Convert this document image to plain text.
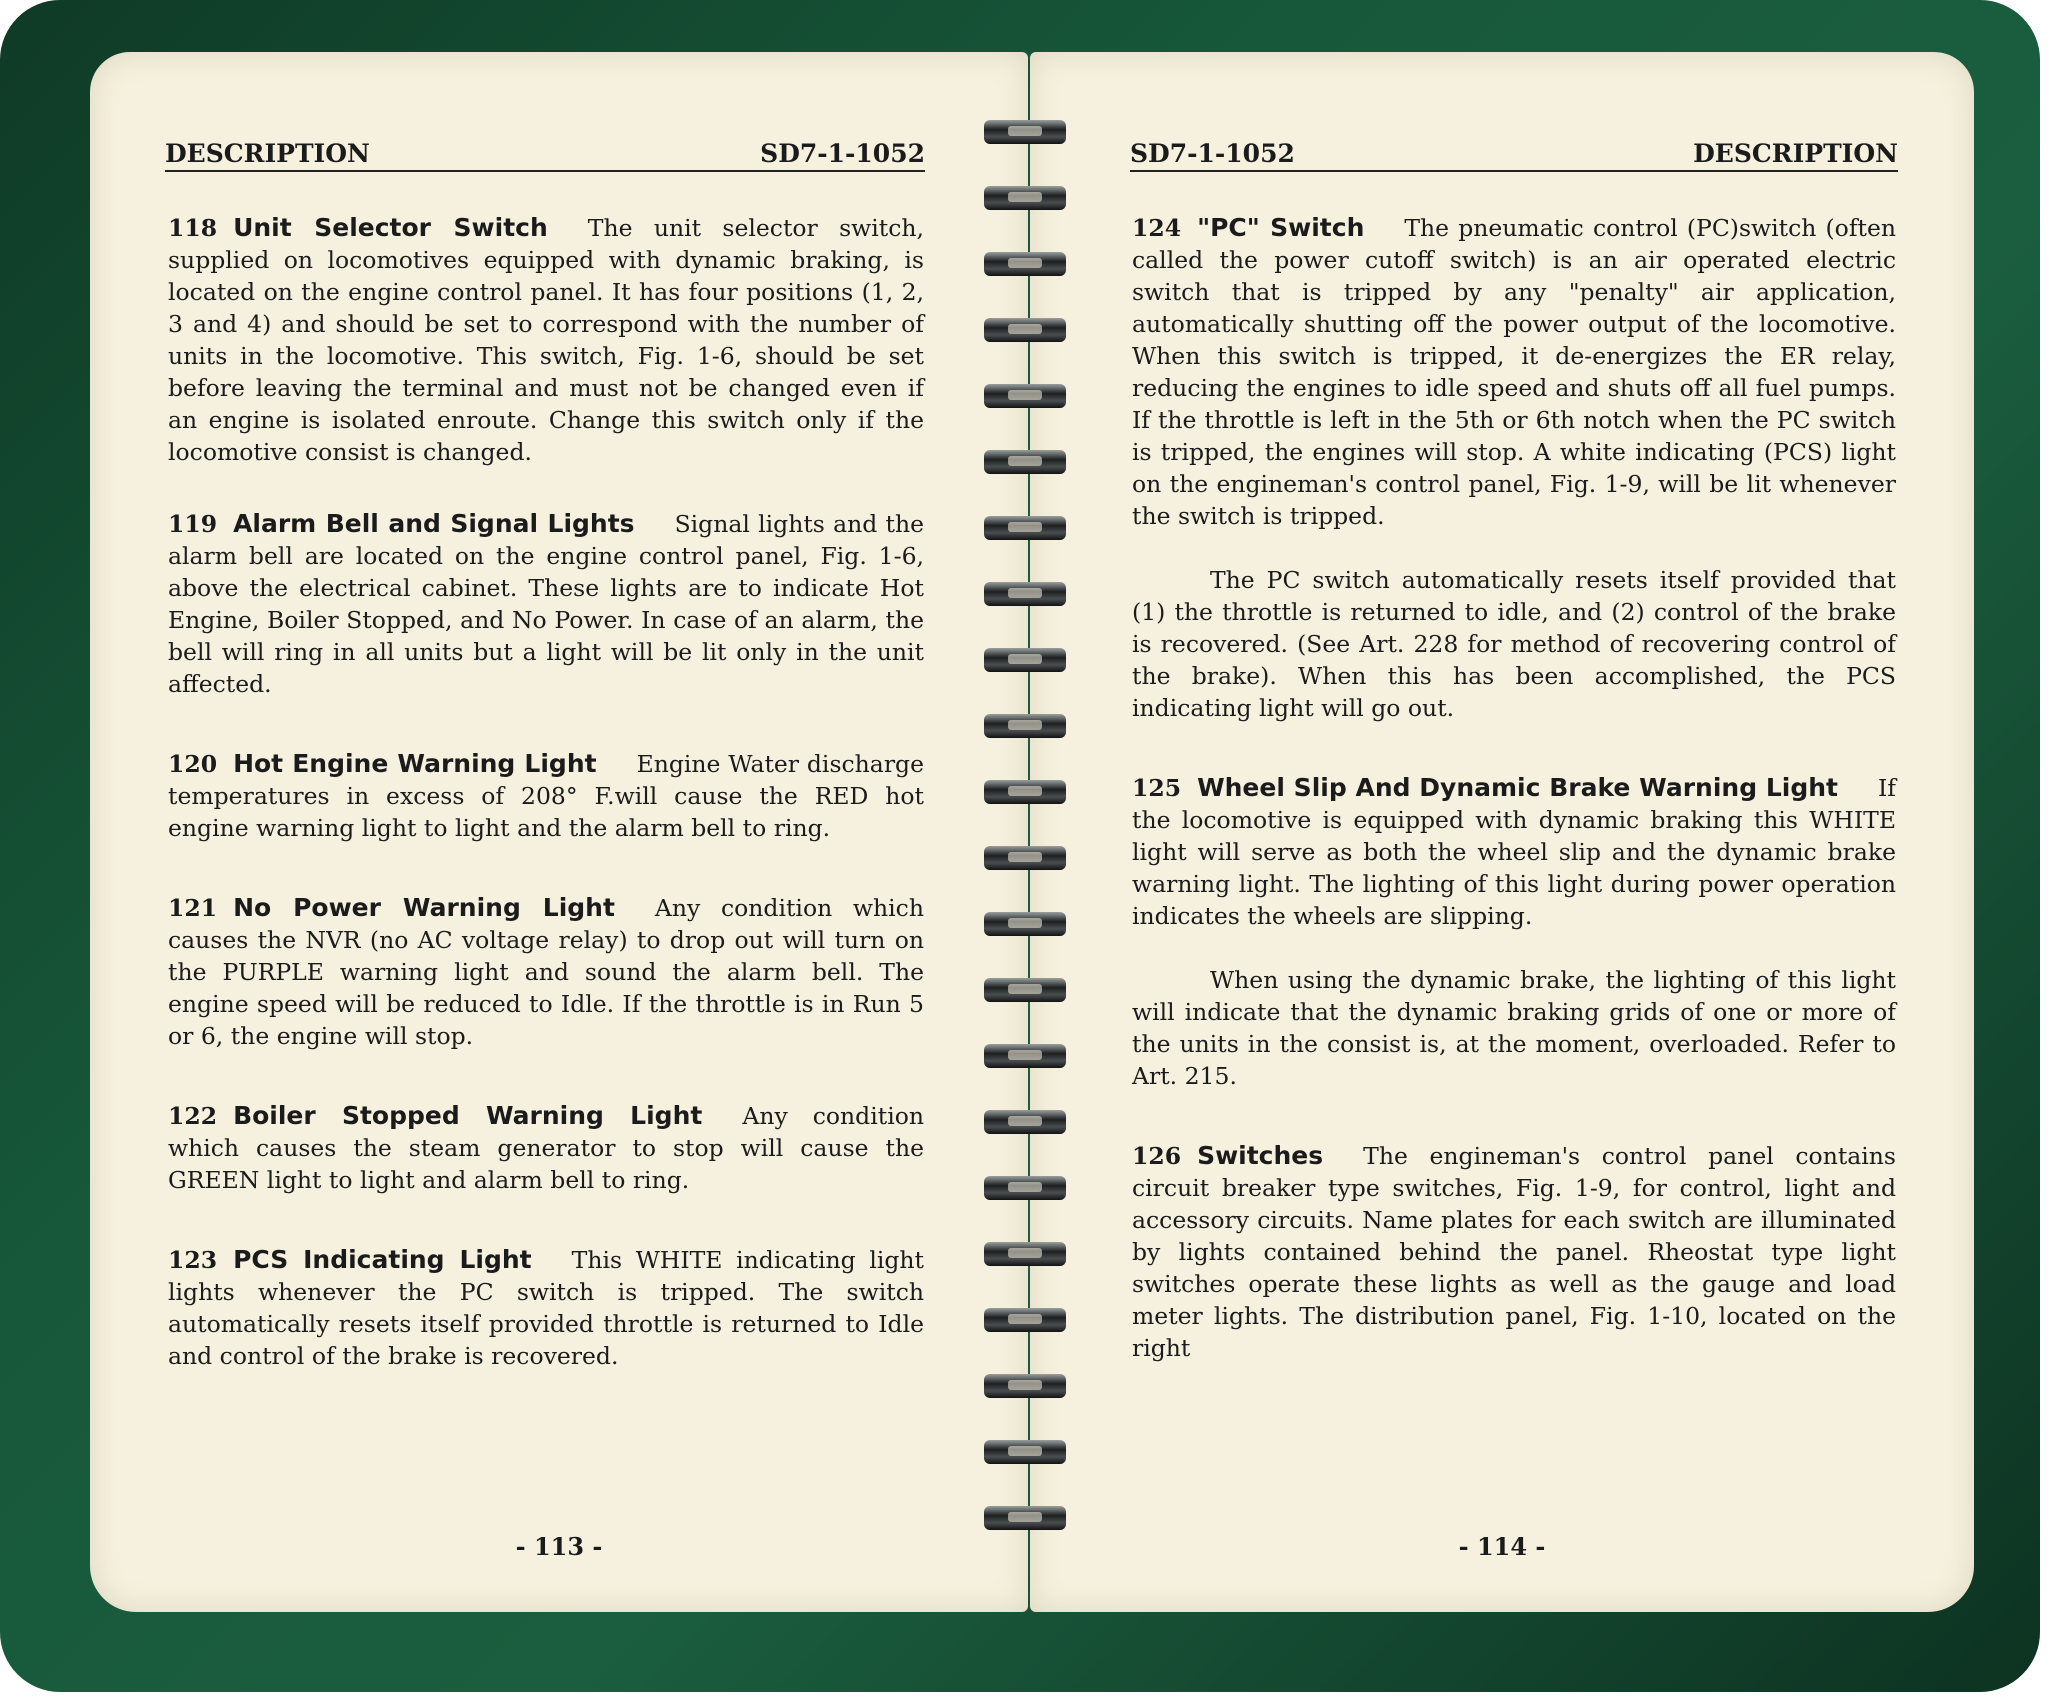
DESCRIPTION	SD7-1-1052

118 Unit Selector Switch The unit selector switch, supplied on locomotives equipped with dynamic braking, is located on the engine control panel. It has four positions (1, 2, 3 and 4) and should be set to correspond with the number of units in the locomotive. This switch, Fig. 1-6, should be set before leaving the terminal and must not be changed even if an engine is isolated enroute. Change this switch only if the locomotive consist is changed.

119 Alarm Bell and Signal Lights Signal lights and the alarm bell are located on the engine control panel, Fig. 1-6, above the electrical cabinet. These lights are to indicate Hot Engine, Boiler Stopped, and No Power. In case of an alarm, the bell will ring in all units but a light will be lit only in the unit affected.

120 Hot Engine Warning Light Engine Water discharge temperatures in excess of 208° F.will cause the RED hot engine warning light to light and the alarm bell to ring.

121 No Power Warning Light Any condition which causes the NVR (no AC voltage relay) to drop out will turn on the PURPLE warning light and sound the alarm bell. The engine speed will be reduced to Idle. If the throttle is in Run 5 or 6, the engine will stop.

122 Boiler Stopped Warning Light Any condition which causes the steam generator to stop will cause the GREEN light to light and alarm bell to ring.

123 PCS Indicating Light This WHITE indicating light lights whenever the PC switch is tripped. The switch automatically resets itself provided throttle is returned to Idle and control of the brake is recovered.

- 113 -
SD7-1-1052	DESCRIPTION

124 "PC" Switch The pneumatic control (PC)switch (often called the power cutoff switch) is an air operated electric switch that is tripped by any "penalty" air application, automatically shutting off the power output of the locomotive. When this switch is tripped, it de-energizes the ER relay, reducing the engines to idle speed and shuts off all fuel pumps. If the throttle is left in the 5th or 6th notch when the PC switch is tripped, the engines will stop. A white indicating (PCS) light on the engineman's control panel, Fig. 1-9, will be lit whenever the switch is tripped.

The PC switch automatically resets itself provided that (1) the throttle is returned to idle, and (2) control of the brake is recovered. (See Art. 228 for method of recovering control of the brake). When this has been accomplished, the PCS indicating light will go out.

125 Wheel Slip And Dynamic Brake Warning Light If the locomotive is equipped with dynamic braking this WHITE light will serve as both the wheel slip and the dynamic brake warning light. The lighting of this light during power operation indicates the wheels are slipping.

When using the dynamic brake, the lighting of this light will indicate that the dynamic braking grids of one or more of the units in the consist is, at the moment, overloaded. Refer to Art. 215.

126 Switches The engineman's control panel contains circuit breaker type switches, Fig. 1-9, for control, light and accessory circuits. Name plates for each switch are illuminated by lights contained behind the panel. Rheostat type light switches operate these lights as well as the gauge and load meter lights. The distribution panel, Fig. 1-10, located on the right

- 114 -
